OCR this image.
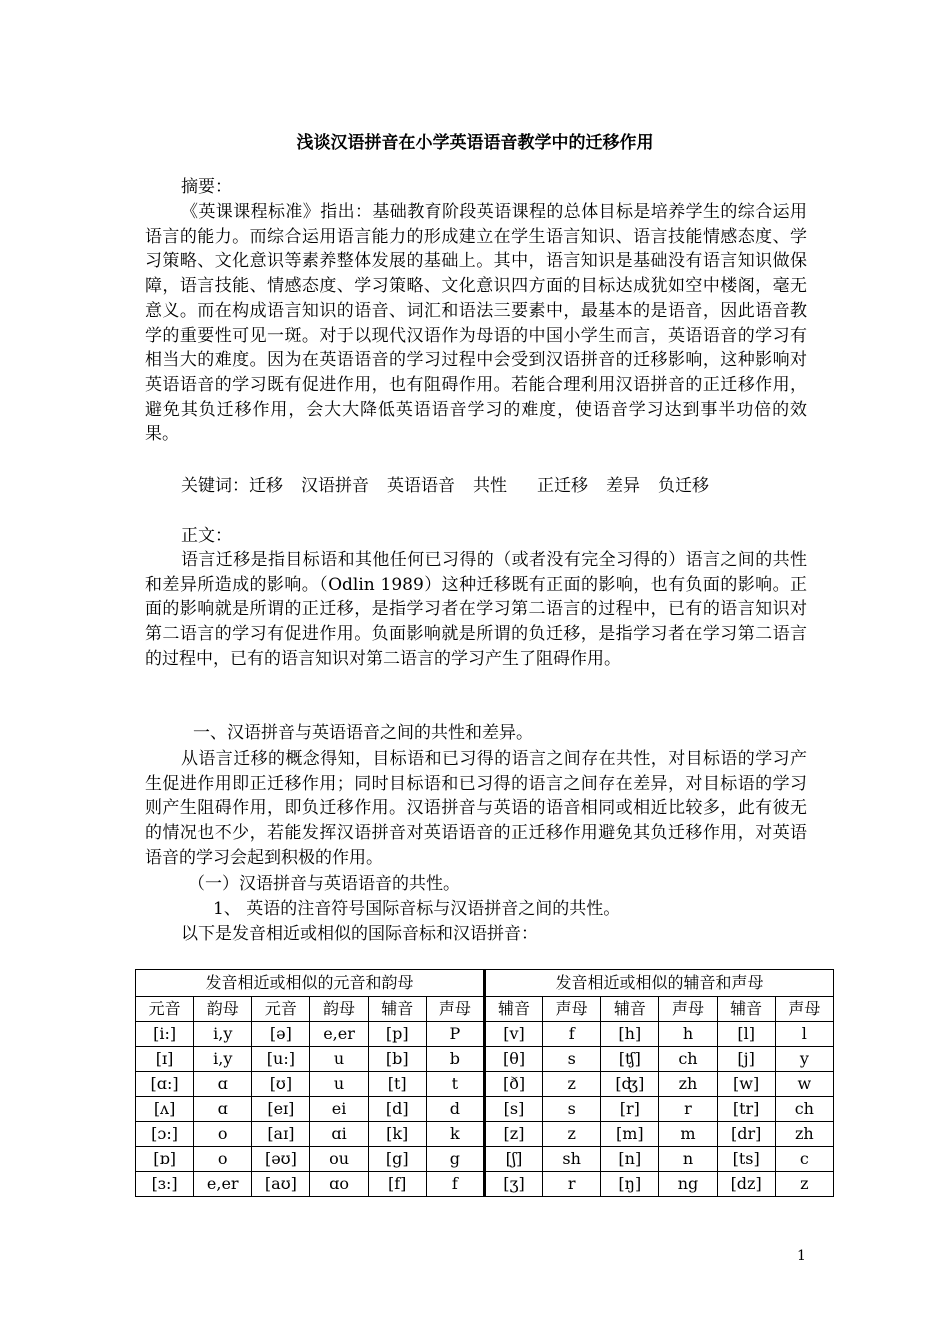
浅谈汉语拼音在小学英语语音教学中的迁移作用
摘要：

《英课课程标准》指出：基础教育阶段英语课程的总体目标是培养学生的综合运用语言的能力。而综合运用语言能力的形成建立在学生语言知识、语言技能情感态度、学习策略、文化意识等素养整体发展的基础上。其中，语言知识是基础没有语言知识做保障，语言技能、情感态度、学习策略、文化意识四方面的目标达成犹如空中楼阁，毫无意义。而在构成语言知识的语音、词汇和语法三要素中，最基本的是语音，因此语音教学的重要性可见一斑。对于以现代汉语作为母语的中国小学生而言，英语语音的学习有相当大的难度。因为在英语语音的学习过程中会受到汉语拼音的迁移影响，这种影响对英语语音的学习既有促进作用，也有阻碍作用。若能合理利用汉语拼音的正迁移作用，避免其负迁移作用，会大大降低英语语音学习的难度，使语音学习达到事半功倍的效果。

关键词：迁移 汉语拼音 英语语音 共性 正迁移 差异 负迁移
正文：

语言迁移是指目标语和其他任何已习得的（或者没有完全习得的）语言之间的共性和差异所造成的影响。（Odlin 1989）这种迁移既有正面的影响，也有负面的影响。正面的影响就是所谓的正迁移，是指学习者在学习第二语言的过程中，已有的语言知识对第二语言的学习有促进作用。负面影响就是所谓的负迁移，是指学习者在学习第二语言的过程中，已有的语言知识对第二语言的学习产生了阻碍作用。

一、汉语拼音与英语语音之间的共性和差异。

从语言迁移的概念得知，目标语和已习得的语言之间存在共性，对目标语的学习产生促进作用即正迁移作用；同时目标语和已习得的语言之间存在差异，对目标语的学习则产生阻碍作用，即负迁移作用。汉语拼音与英语的语音相同或相近比较多，此有彼无的情况也不少，若能发挥汉语拼音对英语语音的正迁移作用避免其负迁移作用，对英语语音的学习会起到积极的作用。

（一）汉语拼音与英语语音的共性。
1、 英语的注音符号国际音标与汉语拼音之间的共性。
以下是发音相近或相似的国际音标和汉语拼音：
发音相近或相似的元音和韵母						发音相近或相似的辅音和声母					
元音	韵母	元音	韵母	辅音	声母	辅音	声母	辅音	声母	辅音	声母
[i:]	i,y	[ə]	e,er	[p]	P	[v]	f	[h]	h	[l]	l
[ɪ]	i,y	[u:]	u	[b]	b	[θ]	s	[ʧ]	ch	[j]	y
[ɑ:]	ɑ	[ʊ]	u	[t]	t	[ð]	z	[ʤ]	zh	[w]	w
[ʌ]	ɑ	[eɪ]	ei	[d]	d	[s]	s	[r]	r	[tr]	ch
[ɔ:]	o	[aɪ]	ɑi	[k]	k	[z]	z	[m]	m	[dr]	zh
[ɒ]	o	[əʊ]	ou	[g]	g	[ʃ]	sh	[n]	n	[ts]	c
[ɜ:]	e,er	[aʊ]	ɑo	[f]	f	[ʒ]	r	[ŋ]	ng	[dz]	z
1
